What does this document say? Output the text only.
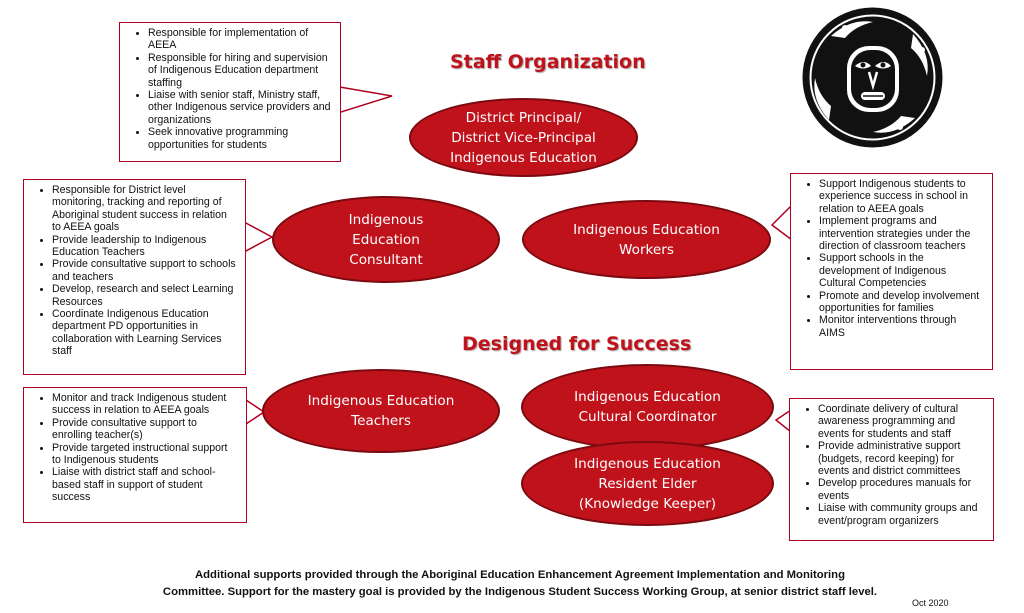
• Responsible for implementation of AEEA
• Responsible for hiring and supervision of Indigenous Education department staffing
• Liaise with senior staff, Ministry staff, other Indigenous service providers and organizations
• Seek innovative programming opportunities for students
• Responsible for District level monitoring, tracking and reporting of Aboriginal student success in relation to AEEA goals
• Provide leadership to Indigenous Education Teachers
• Provide consultative support to schools and teachers
• Develop, research and select Learning Resources
• Coordinate Indigenous Education department PD opportunities in collaboration with Learning Services staff
• Support Indigenous students to experience success in school in relation to AEEA goals
• Implement programs and intervention strategies under the direction of classroom teachers
• Support schools in the development of Indigenous Cultural Competencies
• Promote and develop involvement opportunities for families
• Monitor interventions through AIMS
• Monitor and track Indigenous student success in relation to AEEA goals
• Provide consultative support to enrolling teacher(s)
• Provide targeted instructional support to Indigenous students
• Liaise with district staff and school-based staff in support of student success
• Coordinate delivery of cultural awareness programming and events for students and staff
• Provide administrative support (budgets, record keeping) for events and district committees
• Develop procedures manuals for events
• Liaise with community groups and event/program organizers
Staff Organization
Designed for Success
District Principal/
District Vice-Principal
Indigenous Education
Indigenous
Education
Consultant
Indigenous Education
Workers
Indigenous Education
Teachers
Indigenous Education
Cultural Coordinator
Indigenous Education
Resident Elder
(Knowledge Keeper)
Additional supports provided through the Aboriginal Education Enhancement Agreement Implementation and Monitoring
Committee. Support for the mastery goal is provided by the Indigenous Student Success Working Group, at senior district staff level.
Oct 2020
